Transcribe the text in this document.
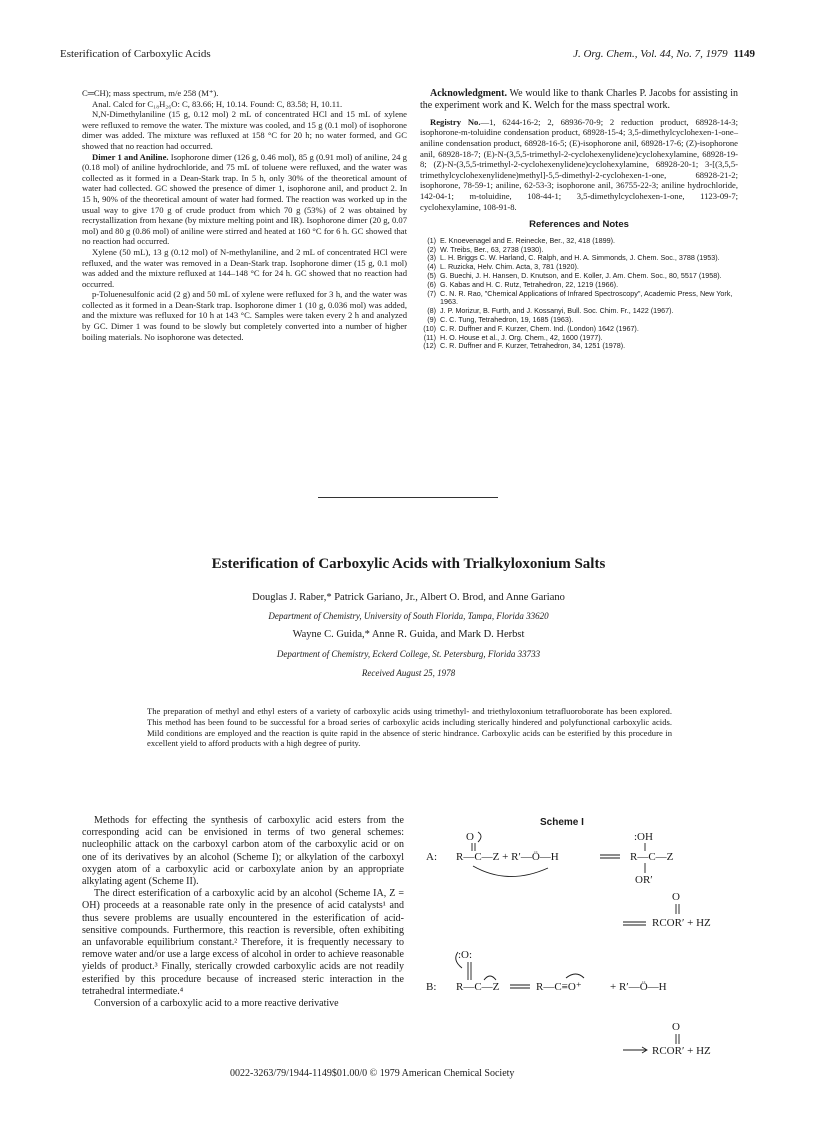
Esterification of Carboxylic Acids	J. Org. Chem., Vol. 44, No. 7, 1979 1149

C═CH); mass spectrum, m/e 258 (M⁺).

Anal. Calcd for C₁₈H₂₆O: C, 83.66; H, 10.14. Found: C, 83.58; H, 10.11.

N,N-Dimethylaniline (15 g, 0.12 mol) 2 mL of concentrated HCl and 15 mL of xylene were refluxed to remove the water. The mixture was cooled, and 15 g (0.1 mol) of isophorone dimer was added. The mixture was refluxed at 158 °C for 20 h; no water formed, and GC showed that no reaction had occurred.

Dimer 1 and Aniline. Isophorone dimer (126 g, 0.46 mol), 85 g (0.91 mol) of aniline, 24 g (0.18 mol) of aniline hydrochloride, and 75 mL of toluene were refluxed, and the water was collected as it formed in a Dean-Stark trap. In 5 h, only 30% of the theoretical amount of water had collected. GC showed the presence of dimer 1, isophorone anil, and product 2. In 15 h, 90% of the theoretical amount of water had formed. The reaction was worked up in the usual way to give 170 g of crude product from which 70 g (53%) of 2 was obtained by recrystallization from hexane (by mixture melting point and IR). Isophorone dimer (20 g, 0.07 mol) and 80 g (0.86 mol) of aniline were stirred and heated at 160 °C for 6 h. GC showed that no reaction had occurred.

Xylene (50 mL), 13 g (0.12 mol) of N-methylaniline, and 2 mL of concentrated HCl were refluxed, and the water was removed in a Dean-Stark trap. Isophorone dimer (15 g, 0.1 mol) was added and the mixture refluxed at 144–148 °C for 24 h. GC showed that no reaction had occurred.

p-Toluenesulfonic acid (2 g) and 50 mL of xylene were refluxed for 3 h, and the water was collected as it formed in a Dean-Stark trap. Isophorone dimer 1 (10 g, 0.036 mol) was added, and the mixture was refluxed for 10 h at 143 °C. Samples were taken every 2 h and analyzed by GC. Dimer 1 was found to be slowly but completely converted into a number of higher boiling materials. No isophorone was detected.

Acknowledgment. We would like to thank Charles P. Jacobs for assisting in the experiment work and K. Welch for the mass spectral work.

Registry No.—1, 6244-16-2; 2, 68936-70-9; 2 reduction product, 68928-14-3; isophorone-m-toluidine condensation product, 68928-15-4; 3,5-dimethylcyclohexen-1-one–aniline condensation product, 68928-16-5; (E)-isophorone anil, 68928-17-6; (Z)-isophorone anil, 68928-18-7; (E)-N-(3,5,5-trimethyl-2-cyclohexenylidene)cyclohexylamine, 68928-19-8; (Z)-N-(3,5,5-trimethyl-2-cyclohexenylidene)cyclohexylamine, 68928-20-1; 3-[(3,5,5-trimethylcyclohexenylidene)methyl]-5,5-dimethyl-2-cyclohexen-1-one, 68928-21-2; isophorone, 78-59-1; aniline, 62-53-3; isophorone anil, 36755-22-3; aniline hydrochloride, 142-04-1; m-toluidine, 108-44-1; 3,5-dimethylcyclohexen-1-one, 1123-09-7; cyclohexylamine, 108-91-8.

References and Notes
(1) E. Knoevenagel and E. Reinecke, Ber., 32, 418 (1899).
(2) W. Treibs, Ber., 63, 2738 (1930).
(3) L. H. Briggs C. W. Harland, C. Ralph, and H. A. Simmonds, J. Chem. Soc., 3788 (1953).
(4) L. Ruzicka, Helv. Chim. Acta, 3, 781 (1920).
(5) G. Buechi, J. H. Hansen, D. Knutson, and E. Koller, J. Am. Chem. Soc., 80, 5517 (1958).
(6) G. Kabas and H. C. Rutz, Tetrahedron, 22, 1219 (1966).
(7) C. N. R. Rao, "Chemical Applications of Infrared Spectroscopy", Academic Press, New York, 1963.
(8) J. P. Morizur, B. Furth, and J. Kossanyi, Bull. Soc. Chim. Fr., 1422 (1967).
(9) C. C. Tung, Tetrahedron, 19, 1685 (1963).
(10) C. R. Duffner and F. Kurzer, Chem. Ind. (London) 1642 (1967).
(11) H. O. House et al., J. Org. Chem., 42, 1600 (1977).
(12) C. R. Duffner and F. Kurzer, Tetrahedron, 34, 1251 (1978).
Esterification of Carboxylic Acids with Trialkyloxonium Salts
Douglas J. Raber,* Patrick Gariano, Jr., Albert O. Brod, and Anne Gariano
Department of Chemistry, University of South Florida, Tampa, Florida 33620
Wayne C. Guida,* Anne R. Guida, and Mark D. Herbst
Department of Chemistry, Eckerd College, St. Petersburg, Florida 33733
Received August 25, 1978
The preparation of methyl and ethyl esters of a variety of carboxylic acids using trimethyl- and triethyloxonium tetrafluoroborate has been explored. This method has been found to be successful for a broad series of carboxylic acids including sterically hindered and polyfunctional carboxylic acids. Mild conditions are employed and the reaction is quite rapid in the absence of steric hindrance. Carboxylic acids can be esterified by this procedure in excellent yield to afford products with a high degree of purity.

Methods for effecting the synthesis of carboxylic acid esters from the corresponding acid can be envisioned in terms of two general schemes: nucleophilic attack on the carboxyl carbon atom of the carboxylic acid or on one of its derivatives by an alcohol (Scheme I); or alkylation of the carboxyl oxygen atom of a carboxylic acid or carboxylate anion by an appropriate alkylating agent (Scheme II).

The direct esterification of a carboxylic acid by an alcohol (Scheme IA, Z = OH) proceeds at a reasonable rate only in the presence of acid catalysts¹ and thus severe problems are usually encountered in the esterification of acid-sensitive compounds. Furthermore, this reaction is reversible, often exhibiting an unfavorable equilibrium constant.² Therefore, it is frequently necessary to remove water and/or use a large excess of alcohol in order to achieve reasonable yields of product.³ Finally, sterically crowded carboxylic acids are not readily esterified by this procedure because of increased steric interaction in the tetrahedral intermediate.⁴

Conversion of a carboxylic acid to a more reactive derivative

Scheme I
A: R—C—Z + R′—Ö—H	R—C—Z
:OH
OR′
O
O
RCOR′ + HZ
B: R—C—Z
:O:
R—C≡O⁺	+ R′—Ö—H
O
RCOR′ + HZ
0022-3263/79/1944-1149$01.00/0 © 1979 American Chemical Society
